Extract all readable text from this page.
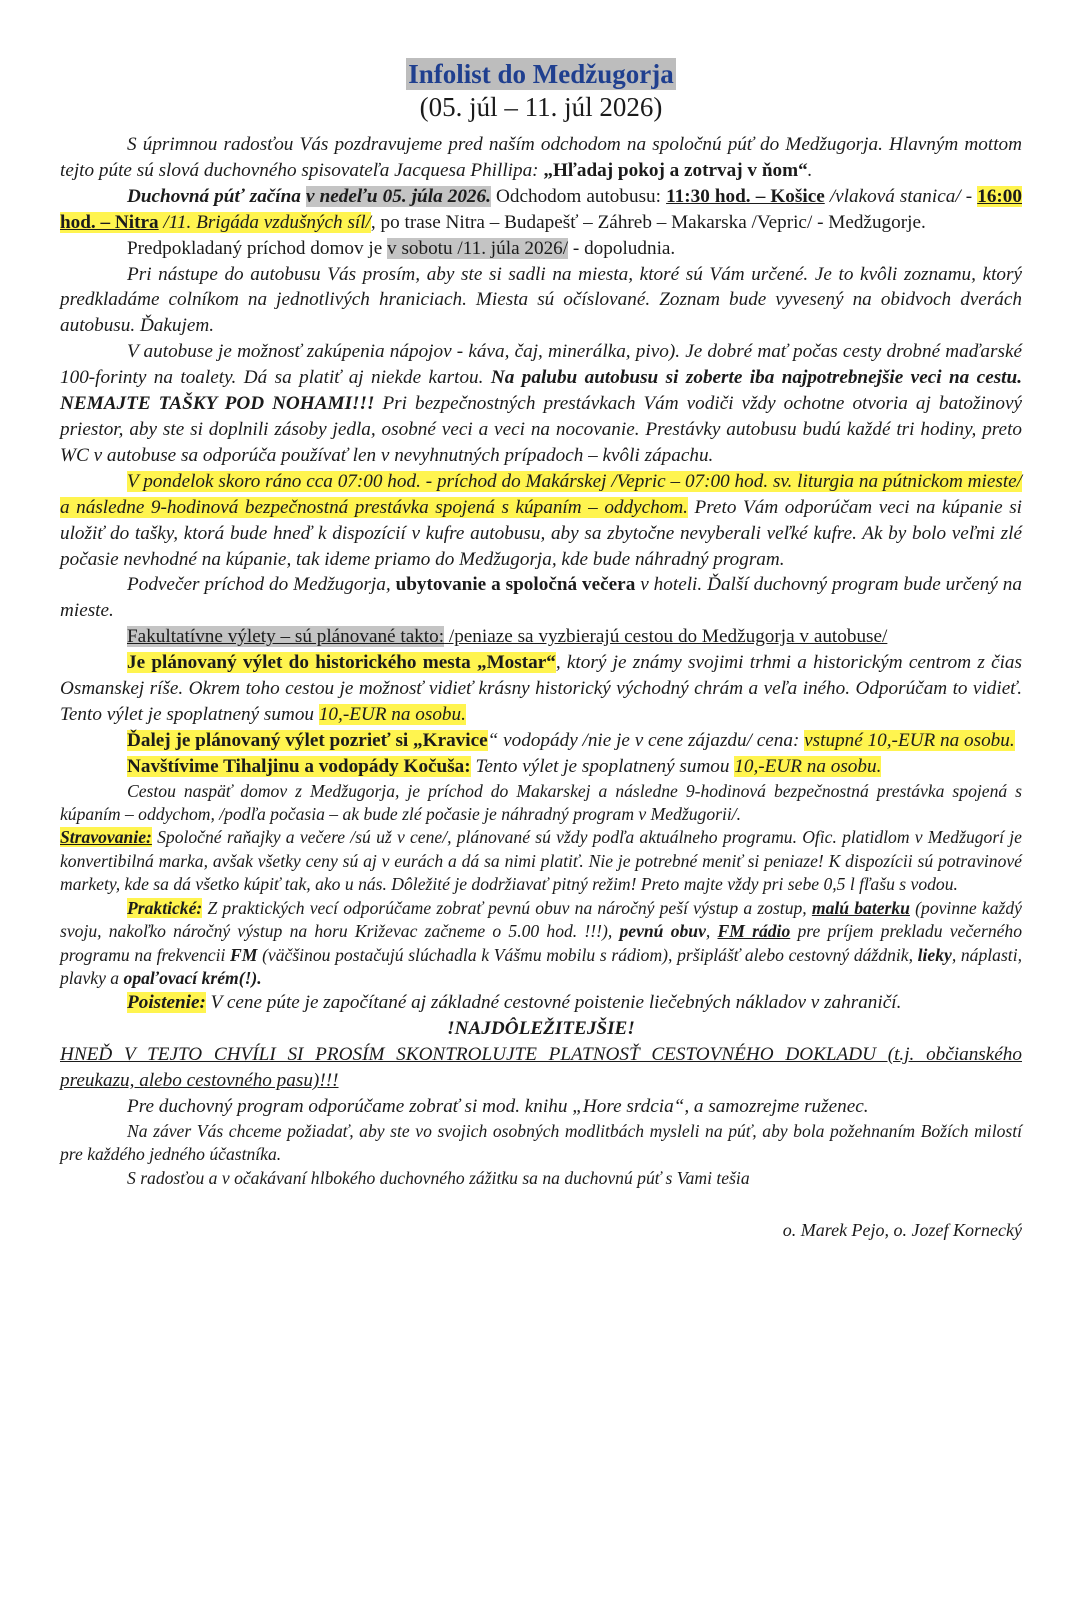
Infolist do Medžugorja
(05. júl – 11. júl 2026)

S úprimnou radosťou Vás pozdravujeme pred naším odchodom na spoločnú púť do Medžugorja. Hlavným mottom tejto púte sú slová duchovného spisovateľa Jacquesa Phillipa: „Hľadaj pokoj a zotrvaj v ňom“.

Duchovná púť začína v nedeľu 05. júla 2026. Odchodom autobusu: 11:30 hod. – Košice /vlaková stanica/ - 16:00 hod. – Nitra /11. Brigáda vzdušných síl/, po trase Nitra – Budapešť – Záhreb – Makarska /Vepric/ - Medžugorje.

Predpokladaný príchod domov je v sobotu /11. júla 2026/ - dopoludnia.

Pri nástupe do autobusu Vás prosím, aby ste si sadli na miesta, ktoré sú Vám určené. Je to kvôli zoznamu, ktorý predkladáme colníkom na jednotlivých hraniciach. Miesta sú očíslované. Zoznam bude vyvesený na obidvoch dverách autobusu. Ďakujem.

V autobuse je možnosť zakúpenia nápojov - káva, čaj, minerálka, pivo). Je dobré mať počas cesty drobné maďarské 100-forinty na toalety. Dá sa platiť aj niekde kartou. Na palubu autobusu si zoberte iba najpotrebnejšie veci na cestu. NEMAJTE TAŠKY POD NOHAMI!!! Pri bezpečnostných prestávkach Vám vodiči vždy ochotne otvoria aj batožinový priestor, aby ste si doplnili zásoby jedla, osobné veci a veci na nocovanie. Prestávky autobusu budú každé tri hodiny, preto WC v autobuse sa odporúča používať len v nevyhnutných prípadoch – kvôli zápachu.

V pondelok skoro ráno cca 07:00 hod. - príchod do Makárskej /Vepric – 07:00 hod. sv. liturgia na pútnickom mieste/ a následne 9-hodinová bezpečnostná prestávka spojená s kúpaním – oddychom. Preto Vám odporúčam veci na kúpanie si uložiť do tašky, ktorá bude hneď k dispozícií v kufre autobusu, aby sa zbytočne nevyberali veľké kufre. Ak by bolo veľmi zlé počasie nevhodné na kúpanie, tak ideme priamo do Medžugorja, kde bude náhradný program.

Podvečer príchod do Medžugorja, ubytovanie a spoločná večera v hoteli. Ďalší duchovný program bude určený na mieste.

Fakultatívne výlety – sú plánované takto: /peniaze sa vyzbierajú cestou do Medžugorja v autobuse/

Je plánovaný výlet do historického mesta „Mostar“, ktorý je známy svojimi trhmi a historickým centrom z čias Osmanskej ríše. Okrem toho cestou je možnosť vidieť krásny historický východný chrám a veľa iného. Odporúčam to vidieť. Tento výlet je spoplatnený sumou 10,-EUR na osobu.

Ďalej je plánovaný výlet pozrieť si „Kravice“ vodopády /nie je v cene zájazdu/ cena: vstupné 10,-EUR na osobu.

Navštívime Tihaljinu a vodopády Kočuša: Tento výlet je spoplatnený sumou 10,-EUR na osobu.

Cestou naspäť domov z Medžugorja, je príchod do Makarskej a následne 9-hodinová bezpečnostná prestávka spojená s kúpaním – oddychom, /podľa počasia – ak bude zlé počasie je náhradný program v Medžugorii/.

Stravovanie: Spoločné raňajky a večere /sú už v cene/, plánované sú vždy podľa aktuálneho programu. Ofic. platidlom v Medžugorí je konvertibilná marka, avšak všetky ceny sú aj v eurách a dá sa nimi platiť. Nie je potrebné meniť si peniaze! K dispozícii sú potravinové markety, kde sa dá všetko kúpiť tak, ako u nás. Dôležité je dodržiavať pitný režim! Preto majte vždy pri sebe 0,5 l fľašu s vodou.

Praktické: Z praktických vecí odporúčame zobrať pevnú obuv na náročný peší výstup a zostup, malú baterku (povinne každý svoju, nakoľko náročný výstup na horu Križevac začneme o 5.00 hod. !!!), pevnú obuv, FM rádio pre príjem prekladu večerného programu na frekvencii FM (väčšinou postačujú slúchadla k Vášmu mobilu s rádiom), pršiplášť alebo cestovný dáždnik, lieky, náplasti, plavky a opaľovací krém(!).

Poistenie: V cene púte je započítané aj základné cestovné poistenie liečebných nákladov v zahraničí.

!NAJDÔLEŽITEJŠIE!

HNEĎ V TEJTO CHVÍLI SI PROSÍM SKONTROLUJTE PLATNOSŤ CESTOVNÉHO DOKLADU (t.j. občianského preukazu, alebo cestovného pasu)!!!

Pre duchovný program odporúčame zobrať si mod. knihu „Hore srdcia“, a samozrejme ruženec.

Na záver Vás chceme požiadať, aby ste vo svojich osobných modlitbách mysleli na púť, aby bola požehnaním Božích milostí pre každého jedného účastníka.

S radosťou a v očakávaní hlbokého duchovného zážitku sa na duchovnú púť s Vami tešia

o. Marek Pejo, o. Jozef Kornecký
